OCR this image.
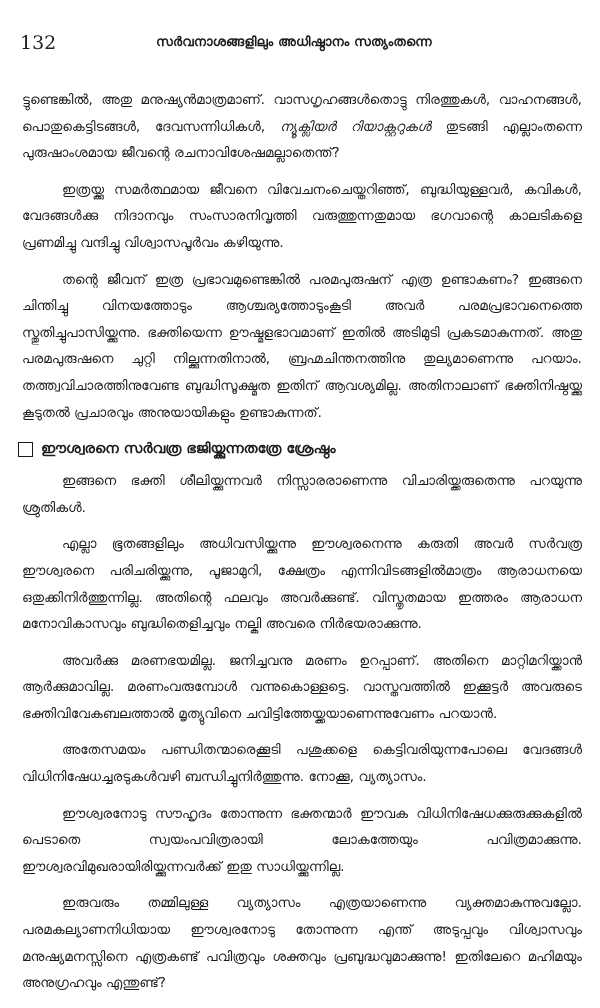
132	സർവനാശങ്ങളിലും അധിഷ്ഠാനം സത്യംതന്നെ

ട്ടുണ്ടെങ്കിൽ, അതു മനുഷ്യൻമാത്രമാണ്. വാസഗൃഹങ്ങൾതൊട്ടു നിരത്തുകൾ, വാഹനങ്ങൾ, പൊതുകെട്ടിടങ്ങൾ, ദേവസന്നിധികൾ, ന്യൂക്ലിയർ റിയാക്റ്ററുകൾ തുടങ്ങി എല്ലാംതന്നെ പുരുഷാംശമായ ജീവന്റെ രചനാവിശേഷമല്ലാതെന്ത്?

ഇത്രയ്ക്കു സമർത്ഥമായ ജീവനെ വിവേചനംചെയ്തറിഞ്ഞ്, ബുദ്ധിയുള്ളവർ, കവികൾ, വേദങ്ങൾക്കു നിദാനവും സംസാരനിവൃത്തി വരുത്തുന്നതുമായ ഭഗവാന്റെ കാലടികളെ പ്രണമിച്ചു വന്ദിച്ചു വിശ്വാസപൂർവം കഴിയുന്നു.

തന്റെ ജീവന് ഇത്ര പ്രഭാവമുണ്ടെങ്കിൽ പരമപുരുഷന് എത്ര ഉണ്ടാകണം? ഇങ്ങനെ ചിന്തിച്ചു വിനയത്തോടും ആശ്ചര്യത്തോടുംകൂടി അവർ പരമപ്രഭാവനെത്തെ സ്തുതിച്ചുപാസിയ്ക്കുന്നു. ഭക്തിയെന്ന ഊഷ്മളഭാവമാണ് ഇതിൽ അടിമുടി പ്രകടമാകുന്നത്. അതു പരമപുരുഷനെ ചുറ്റി നില്ക്കുന്നതിനാൽ, ബ്രഹ്മചിന്തനത്തിനു തുല്യമാണെന്നു പറയാം. തത്ത്വവിചാരത്തിനുവേണ്ട ബുദ്ധിസൂക്ഷ്മത ഇതിന് ആവശ്യമില്ല. അതിനാലാണ് ഭക്തിനിഷ്ഠയ്ക്കു കൂടുതൽ പ്രചാരവും അനുയായികളും ഉണ്ടാകുന്നത്.

ഈശ്വരനെ സർവത്ര ഭജിയ്ക്കുന്നതത്രേ ശ്രേഷ്ഠം

ഇങ്ങനെ ഭക്തി ശീലിയ്ക്കുന്നവർ നിസ്സാരരാണെന്നു വിചാരിയ്ക്കരുതെന്നു പറയുന്നു ശ്രുതികൾ.

എല്ലാ ഭൂതങ്ങളിലും അധിവസിയ്ക്കുന്നു ഈശ്വരനെന്നു കരുതി അവർ സർവത്ര ഈശ്വരനെ പരിചരിയ്ക്കുന്നു, പൂജാമുറി, ക്ഷേത്രം എന്നിവിടങ്ങളിൽമാത്രം ആരാധനയെ ഒതുക്കിനിർത്തുന്നില്ല. അതിന്റെ ഫലവും അവർക്കുണ്ട്. വിസ്തൃതമായ ഇത്തരം ആരാധന മനോവികാസവും ബുദ്ധിതെളിച്ചവും നല്കി അവരെ നിർഭയരാക്കുന്നു.

അവർക്കു മരണഭയമില്ല. ജനിച്ചവനു മരണം ഉറപ്പാണ്. അതിനെ മാറ്റിമറിയ്ക്കാൻ ആർക്കുമാവില്ല. മരണംവരുമ്പോൾ വന്നുകൊള്ളട്ടെ. വാസ്തവത്തിൽ ഇക്കൂട്ടർ അവരുടെ ഭക്തിവിവേകബലത്താൽ മൃത്യുവിനെ ചവിട്ടിത്തേയ്ക്കയാണെന്നുവേണം പറയാൻ.

അതേസമയം പണ്ഡിതന്മാരെക്കൂടി പശുക്കളെ കെട്ടിവരിയുന്നപോലെ വേദങ്ങൾ വിധിനിഷേധച്ചരടുകൾവഴി ബന്ധിച്ചുനിർത്തുന്നു. നോക്കൂ, വ്യത്യാസം.

ഈശ്വരനോടു സൗഹൃദം തോന്നുന്ന ഭക്തന്മാർ ഈവക വിധിനിഷേധക്കുരുക്കുകളിൽ പെടാതെ സ്വയംപവിത്രരായി ലോകത്തേയും പവിത്രമാക്കുന്നു. ഈശ്വരവിമുഖരായിരിയ്ക്കുന്നവർക്ക് ഇതു സാധിയ്ക്കുന്നില്ല.

ഇരുവരും തമ്മിലുള്ള വ്യത്യാസം എത്രയാണെന്നു വ്യക്തമാകുന്നുവല്ലോ. പരമകല്യാണനിധിയായ ഈശ്വരനോടു തോന്നുന്ന എന്ത് അടുപ്പവും വിശ്വാസവും മനുഷ്യമനസ്സിനെ എത്രകണ്ട് പവിത്രവും ശക്തവും പ്രബുദ്ധവുമാക്കുന്നു! ഇതിലേറെ മഹിമയും അനുഗ്രഹവും എന്തുണ്ട്?
